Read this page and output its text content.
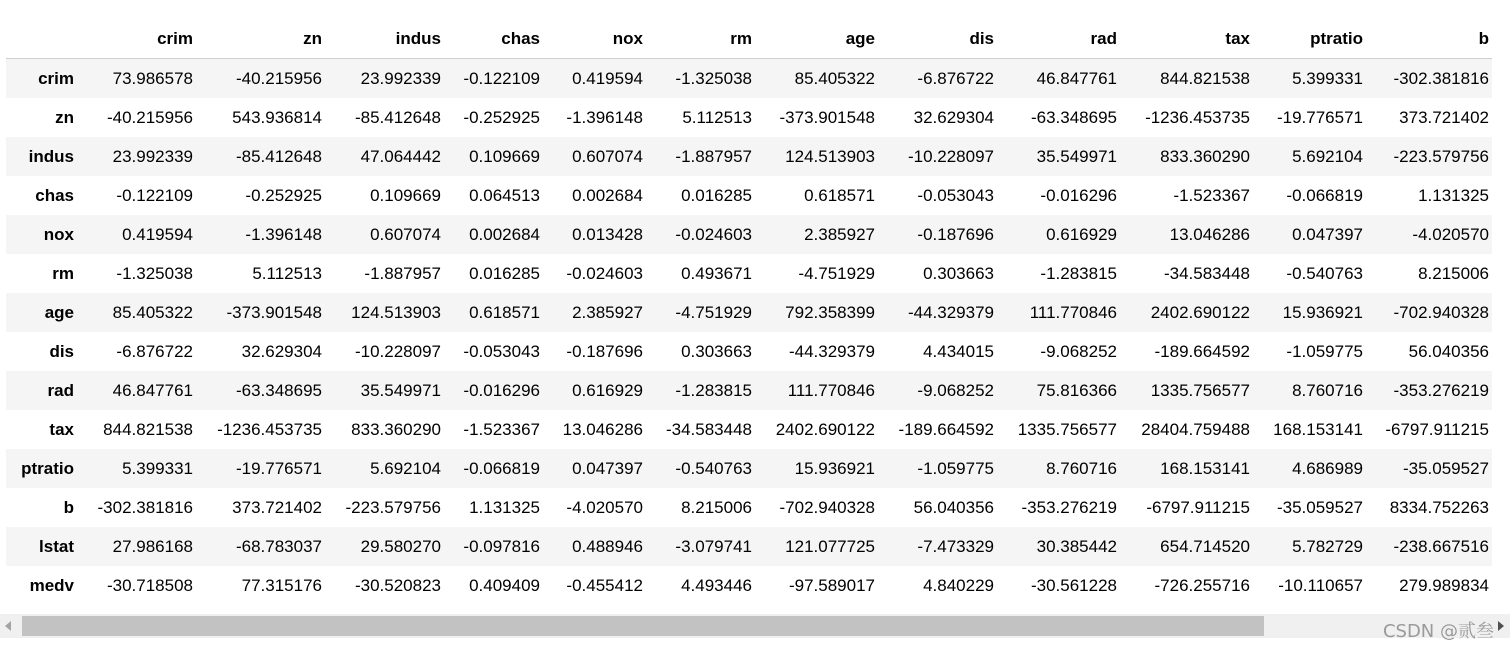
	crim	zn	indus	chas	nox	rm	age	dis	rad	tax	ptratio	b
crim	73.986578	-40.215956	23.992339	-0.122109	0.419594	-1.325038	85.405322	-6.876722	46.847761	844.821538	5.399331	-302.381816
zn	-40.215956	543.936814	-85.412648	-0.252925	-1.396148	5.112513	-373.901548	32.629304	-63.348695	-1236.453735	-19.776571	373.721402
indus	23.992339	-85.412648	47.064442	0.109669	0.607074	-1.887957	124.513903	-10.228097	35.549971	833.360290	5.692104	-223.579756
chas	-0.122109	-0.252925	0.109669	0.064513	0.002684	0.016285	0.618571	-0.053043	-0.016296	-1.523367	-0.066819	1.131325
nox	0.419594	-1.396148	0.607074	0.002684	0.013428	-0.024603	2.385927	-0.187696	0.616929	13.046286	0.047397	-4.020570
rm	-1.325038	5.112513	-1.887957	0.016285	-0.024603	0.493671	-4.751929	0.303663	-1.283815	-34.583448	-0.540763	8.215006
age	85.405322	-373.901548	124.513903	0.618571	2.385927	-4.751929	792.358399	-44.329379	111.770846	2402.690122	15.936921	-702.940328
dis	-6.876722	32.629304	-10.228097	-0.053043	-0.187696	0.303663	-44.329379	4.434015	-9.068252	-189.664592	-1.059775	56.040356
rad	46.847761	-63.348695	35.549971	-0.016296	0.616929	-1.283815	111.770846	-9.068252	75.816366	1335.756577	8.760716	-353.276219
tax	844.821538	-1236.453735	833.360290	-1.523367	13.046286	-34.583448	2402.690122	-189.664592	1335.756577	28404.759488	168.153141	-6797.911215
ptratio	5.399331	-19.776571	5.692104	-0.066819	0.047397	-0.540763	15.936921	-1.059775	8.760716	168.153141	4.686989	-35.059527
b	-302.381816	373.721402	-223.579756	1.131325	-4.020570	8.215006	-702.940328	56.040356	-353.276219	-6797.911215	-35.059527	8334.752263
lstat	27.986168	-68.783037	29.580270	-0.097816	0.488946	-3.079741	121.077725	-7.473329	30.385442	654.714520	5.782729	-238.667516
medv	-30.718508	77.315176	-30.520823	0.409409	-0.455412	4.493446	-97.589017	4.840229	-30.561228	-726.255716	-10.110657	279.989834
CSDN @贰叁
